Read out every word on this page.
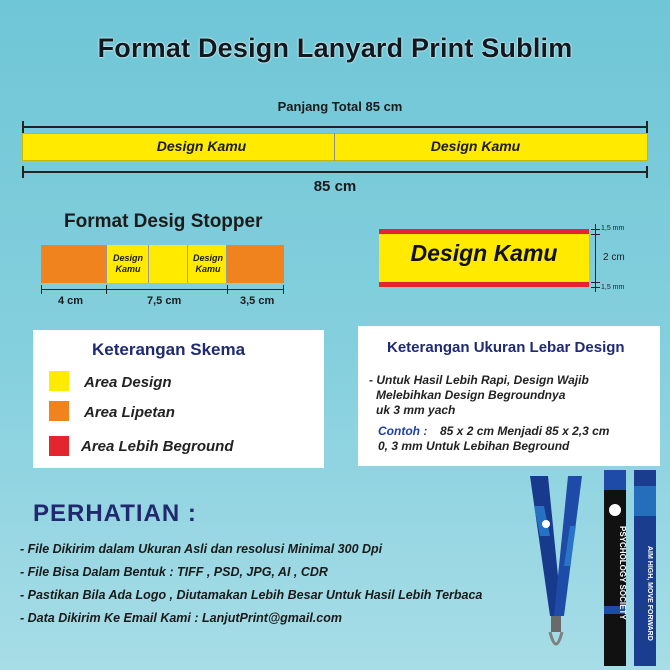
Format Design Lanyard Print Sublim
Panjang Total 85 cm
Design Kamu	Design Kamu
85 cm
Format Desig Stopper
Design
Kamu
Design
Kamu
4 cm	7,5 cm	3,5 cm
Design Kamu
1,5 mm
2 cm
1,5 mm
Keterangan Skema
Area Design
Area Lipetan
Area Lebih Beground
Keterangan Ukuran Lebar Design
- Untuk Hasil Lebih Rapi, Design Wajib
Melebihkan Design Begroundnya
uk 3 mm yach
Contoh : 85 x 2 cm Menjadi 85 x 2,3 cm
0, 3 mm Untuk Lebihan Beground
PERHATIAN :
- File Dikirim dalam Ukuran Asli dan resolusi Minimal 300 Dpi
- File Bisa Dalam Bentuk : TIFF , PSD, JPG, AI , CDR
- Pastikan Bila Ada Logo , Diutamakan Lebih Besar Untuk Hasil Lebih Terbaca
- Data Dikirim Ke Email Kami : LanjutPrint@gmail.com	PSYCHOLOGY SOCIETY	AIM HIGH, MOVE FORWARD
